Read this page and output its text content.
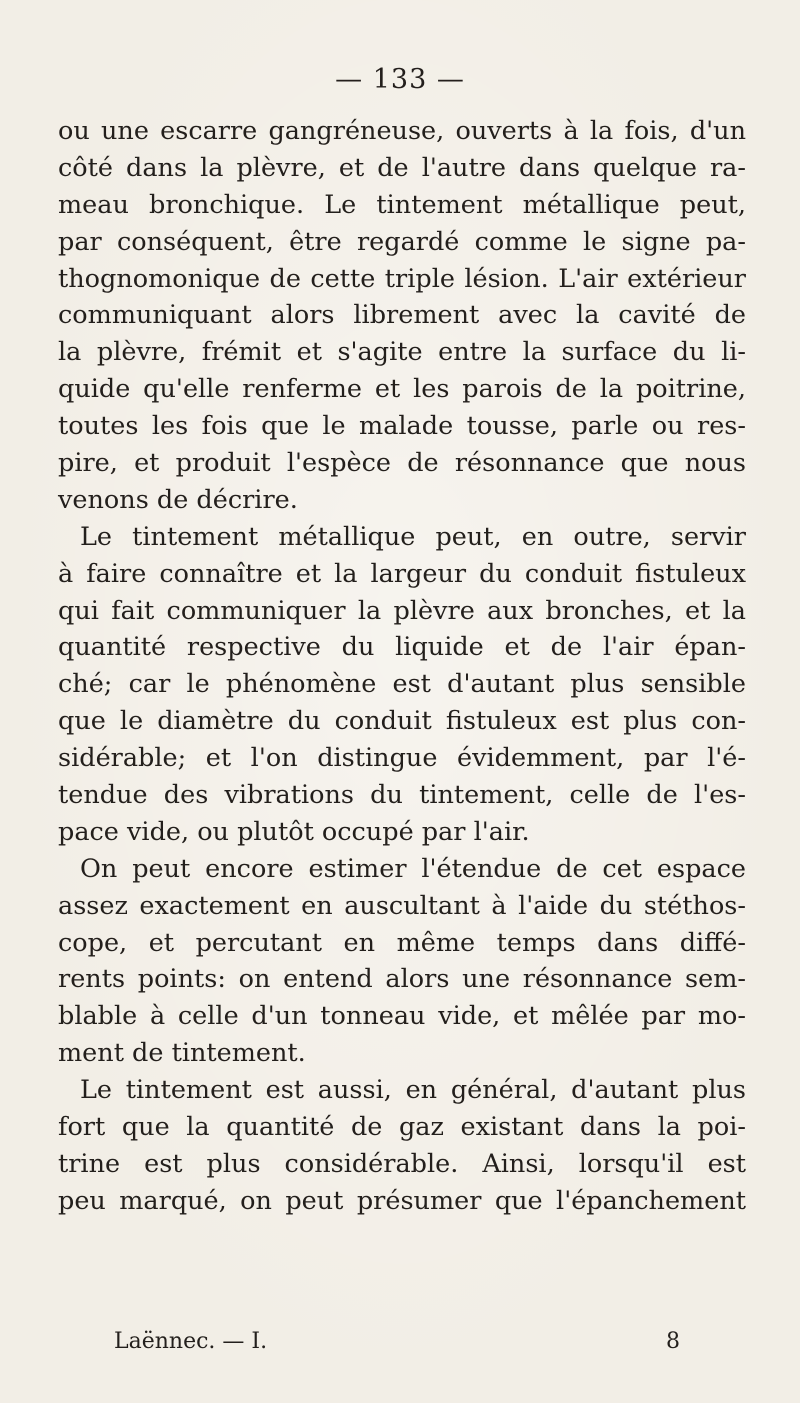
— 133 —
ou une escarre gangréneuse, ouverts à la fois, d'un
côté dans la plèvre, et de l'autre dans quelque ra-
meau bronchique. Le tintement métallique peut,
par conséquent, être regardé comme le signe pa-
thognomonique de cette triple lésion. L'air extérieur
communiquant alors librement avec la cavité de
la plèvre, frémit et s'agite entre la surface du li-
quide qu'elle renferme et les parois de la poitrine,
toutes les fois que le malade tousse, parle ou res-
pire, et produit l'espèce de résonnance que nous
venons de décrire.
Le tintement métallique peut, en outre, servir
à faire connaître et la largeur du conduit fistuleux
qui fait communiquer la plèvre aux bronches, et la
quantité respective du liquide et de l'air épan-
ché; car le phénomène est d'autant plus sensible
que le diamètre du conduit fistuleux est plus con-
sidérable; et l'on distingue évidemment, par l'é-
tendue des vibrations du tintement, celle de l'es-
pace vide, ou plutôt occupé par l'air.
On peut encore estimer l'étendue de cet espace
assez exactement en auscultant à l'aide du stéthos-
cope, et percutant en même temps dans diffé-
rents points: on entend alors une résonnance sem-
blable à celle d'un tonneau vide, et mêlée par mo-
ment de tintement.
Le tintement est aussi, en général, d'autant plus
fort que la quantité de gaz existant dans la poi-
trine est plus considérable. Ainsi, lorsqu'il est
peu marqué, on peut présumer que l'épanchement
Laënnec. — I.	8
